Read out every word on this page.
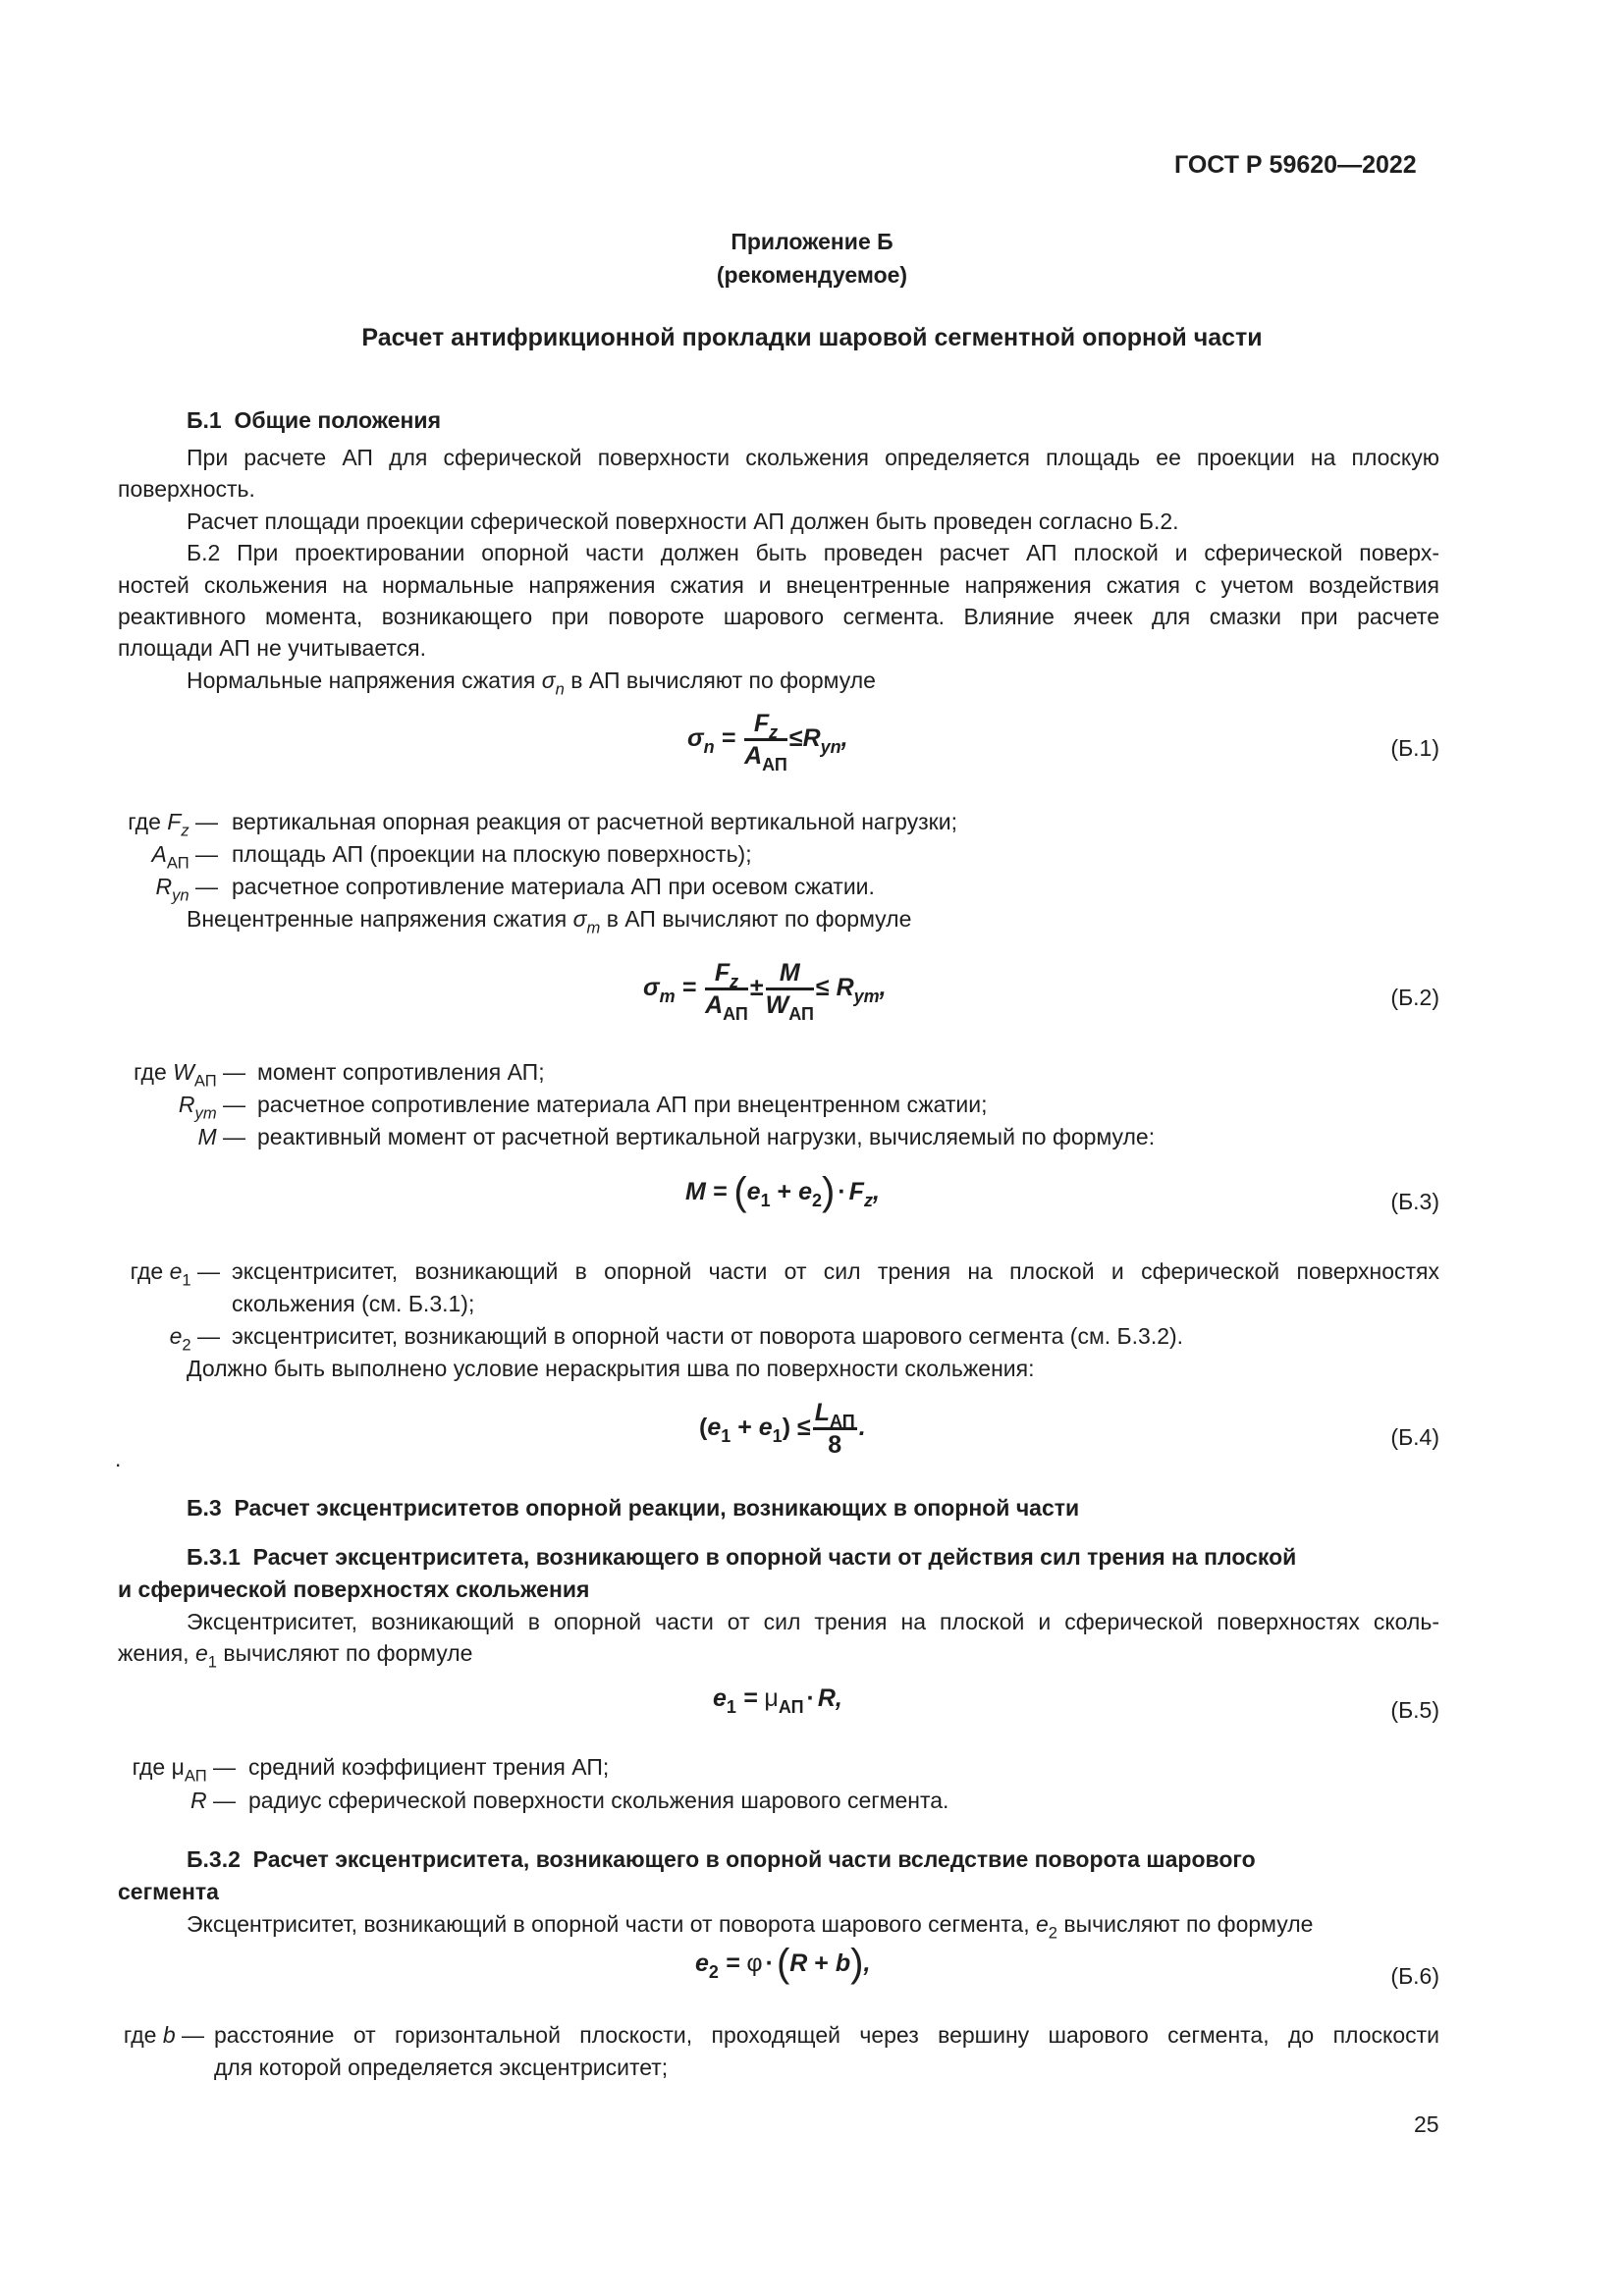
ГОСТ Р 59620—2022
Приложение Б
(рекомендуемое)
Расчет антифрикционной прокладки шаровой сегментной опорной части
Б.1  Общие положения
При расчете АП для сферической поверхности скольжения определяется площадь ее проекции на плоскую
поверхность.
Расчет площади проекции сферической поверхности АП должен быть проведен согласно Б.2.
Б.2 При проектировании опорной части должен быть проведен расчет АП плоской и сферической поверх-
ностей скольжения на нормальные напряжения сжатия и внецентренные напряжения сжатия с учетом воздействия
реактивного момента, возникающего при повороте шарового сегмента. Влияние ячеек для смазки при расчете
площади АП не учитывается.
Нормальные напряжения сжатия $\sigma_n$ в АП вычисляют по формуле
$\sigma_n = \frac{F_z}{A_{АП}} \le R_{yn}$,	(Б.1)
где $F_z$ — вертикальная опорная реакция от расчетной вертикальной нагрузки;
$A_{АП}$ — площадь АП (проекции на плоскую поверхность);
$R_{yn}$ — расчетное сопротивление материала АП при осевом сжатии.
Внецентренные напряжения сжатия $\sigma_m$ в АП вычисляют по формуле
$\sigma_m = \frac{F_z}{A_{АП}} \pm \frac{M}{W_{АП}} \le R_{ym}$,	(Б.2)
где $W_{АП}$ — момент сопротивления АП;
$R_{ym}$ — расчетное сопротивление материала АП при внецентренном сжатии;
M — реактивный момент от расчетной вертикальной нагрузки, вычисляемый по формуле:
$M = (e_1 + e_2) \cdot F_z$,	(Б.3)
где $e_1$ — эксцентриситет, возникающий в опорной части от сил трения на плоской и сферической поверхностях
скольжения (см. Б.3.1);
$e_2$ — эксцентриситет, возникающий в опорной части от поворота шарового сегмента (см. Б.3.2).
Должно быть выполнено условие нераскрытия шва по поверхности скольжения:
$(e_1 + e_1) \le \frac{L_{АП}}{8}$ .	(Б.4)
.
Б.3  Расчет эксцентриситетов опорной реакции, возникающих в опорной части
Б.3.1  Расчет эксцентриситета, возникающего в опорной части от действия сил трения на плоской
и сферической поверхностях скольжения
Эксцентриситет, возникающий в опорной части от сил трения на плоской и сферической поверхностях сколь-
жения, $e_1$ вычисляют по формуле
$e_1 = \mu_{АП} \cdot R$,	(Б.5)
где $\mu_{АП}$ — средний коэффициент трения АП;
R — радиус сферической поверхности скольжения шарового сегмента.
Б.3.2  Расчет эксцентриситета, возникающего в опорной части вследствие поворота шарового
сегмента
Эксцентриситет, возникающий в опорной части от поворота шарового сегмента, $e_2$ вычисляют по формуле
$e_2 = \varphi \cdot(R + b)$,	(Б.6)
где b — расстояние от горизонтальной плоскости, проходящей через вершину шарового сегмента, до плоскости
для которой определяется эксцентриситет;
25
